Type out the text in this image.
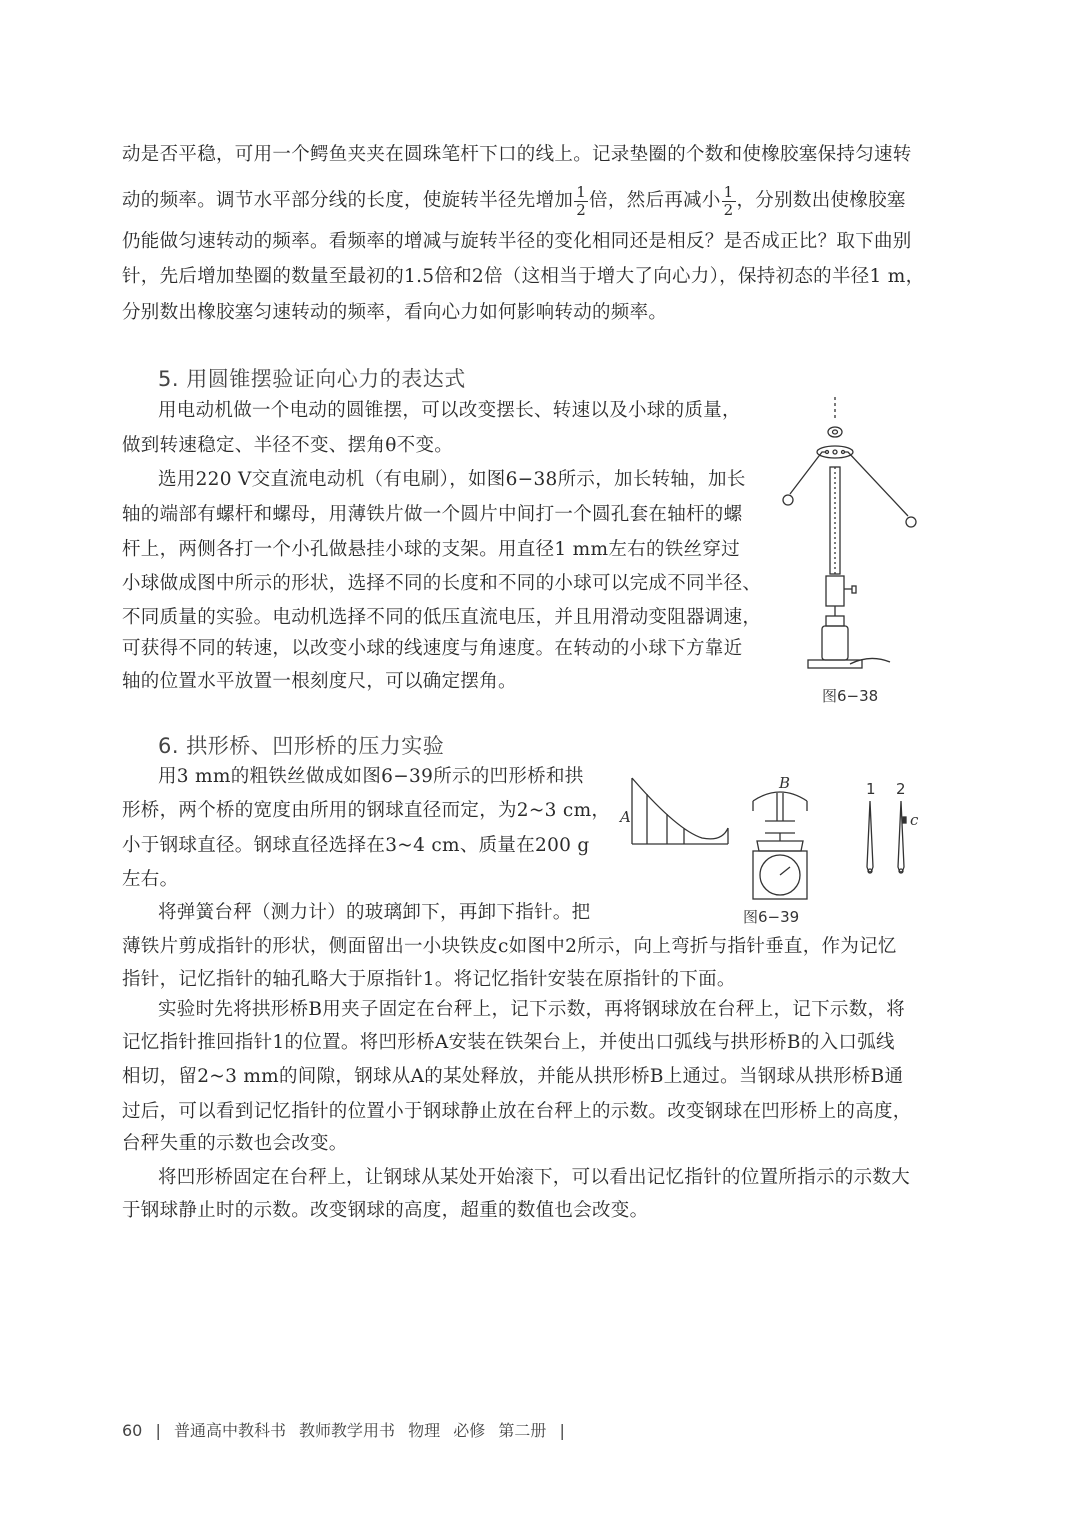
动是否平稳，可用一个鳄鱼夹夹在圆珠笔杆下口的线上。记录垫圈的个数和使橡胶塞保持匀速转
动的频率。调节水平部分线的长度，使旋转半径先增加 $\frac{1}{2}$ 倍，然后再减小 $\frac{1}{2}$ ，分别数出使橡胶塞
仍能做匀速转动的频率。看频率的增减与旋转半径的变化相同还是相反？是否成正比？取下曲别
针，先后增加垫圈的数量至最初的1.5倍和2倍（这相当于增大了向心力），保持初态的半径1 m，
分别数出橡胶塞匀速转动的频率，看向心力如何影响转动的频率。
5. 用圆锥摆验证向心力的表达式
用电动机做一个电动的圆锥摆，可以改变摆长、转速以及小球的质量，
做到转速稳定、半径不变、摆角θ不变。
选用220 V交直流电动机（有电刷），如图6−38所示，加长转轴，加长
轴的端部有螺杆和螺母，用薄铁片做一个圆片中间打一个圆孔套在轴杆的螺
杆上，两侧各打一个小孔做悬挂小球的支架。用直径1 mm左右的铁丝穿过
小球做成图中所示的形状，选择不同的长度和不同的小球可以完成不同半径、
不同质量的实验。电动机选择不同的低压直流电压，并且用滑动变阻器调速，
可获得不同的转速，以改变小球的线速度与角速度。在转动的小球下方靠近
轴的位置水平放置一根刻度尺，可以确定摆角。
图6−38
6. 拱形桥、凹形桥的压力实验
用3 mm的粗铁丝做成如图6−39所示的凹形桥和拱
形桥，两个桥的宽度由所用的钢球直径而定，为2~3 cm，
小于钢球直径。钢球直径选择在3~4 cm、质量在200 g
左右。
将弹簧台秤（测力计）的玻璃卸下，再卸下指针。把
薄铁片剪成指针的形状，侧面留出一小块铁皮c如图中2所示，向上弯折与指针垂直，作为记忆
指针，记忆指针的轴孔略大于原指针1。将记忆指针安装在原指针的下面。
实验时先将拱形桥B用夹子固定在台秤上，记下示数，再将钢球放在台秤上，记下示数，将
记忆指针推回指针1的位置。将凹形桥A安装在铁架台上，并使出口弧线与拱形桥B的入口弧线
相切，留2~3 mm的间隙，钢球从A的某处释放，并能从拱形桥B上通过。当钢球从拱形桥B通
过后，可以看到记忆指针的位置小于钢球静止放在台秤上的示数。改变钢球在凹形桥上的高度，
台秤失重的示数也会改变。
将凹形桥固定在台秤上，让钢球从某处开始滚下，可以看出记忆指针的位置所指示的示数大
于钢球静止时的示数。改变钢球的高度，超重的数值也会改变。
A
B
图6−39
1 2
c
60 | 普通高中教科书 教师教学用书 物理 必修 第二册 |
